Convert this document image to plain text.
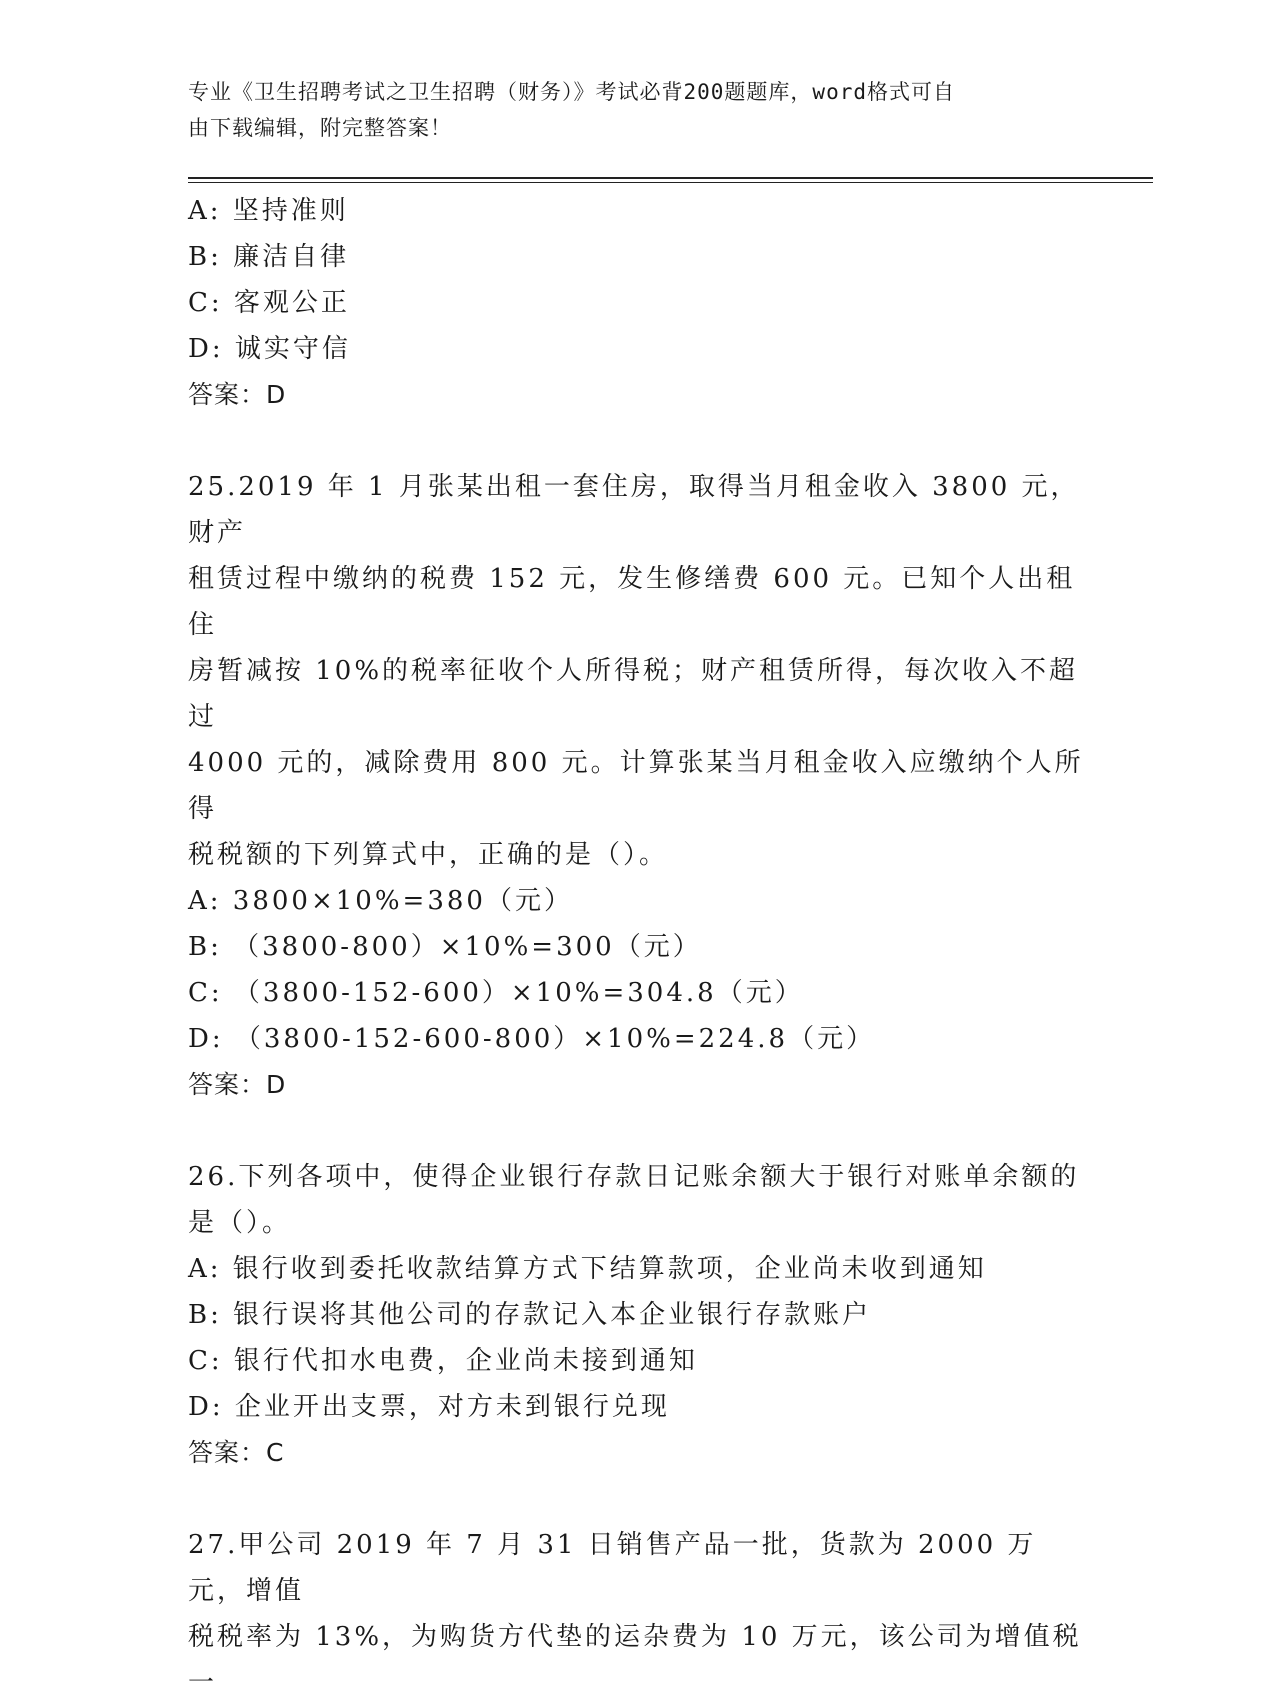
专业《卫生招聘考试之卫生招聘（财务）》考试必背200题题库，word格式可自
由下载编辑，附完整答案！
A: 坚持准则
B: 廉洁自律
C: 客观公正
D: 诚实守信
答案：D
25.2019 年 1 月张某出租一套住房，取得当月租金收入 3800 元，财产
租赁过程中缴纳的税费 152 元，发生修缮费 600 元。已知个人出租住
房暂减按 10%的税率征收个人所得税；财产租赁所得，每次收入不超过
4000 元的，减除费用 800 元。计算张某当月租金收入应缴纳个人所得
税税额的下列算式中，正确的是（）。
A: 3800×10%=380（元）
B: （3800-800）×10%=300（元）
C: （3800-152-600）×10%=304.8（元）
D: （3800-152-600-800）×10%=224.8（元）
答案：D
26.下列各项中，使得企业银行存款日记账余额大于银行对账单余额的
是（）。
A: 银行收到委托收款结算方式下结算款项，企业尚未收到通知
B: 银行误将其他公司的存款记入本企业银行存款账户
C: 银行代扣水电费，企业尚未接到通知
D: 企业开出支票，对方未到银行兑现
答案：C
27.甲公司 2019 年 7 月 31 日销售产品一批，货款为 2000 万元，增值
税税率为 13%，为购货方代垫的运杂费为 10 万元，该公司为增值税一
